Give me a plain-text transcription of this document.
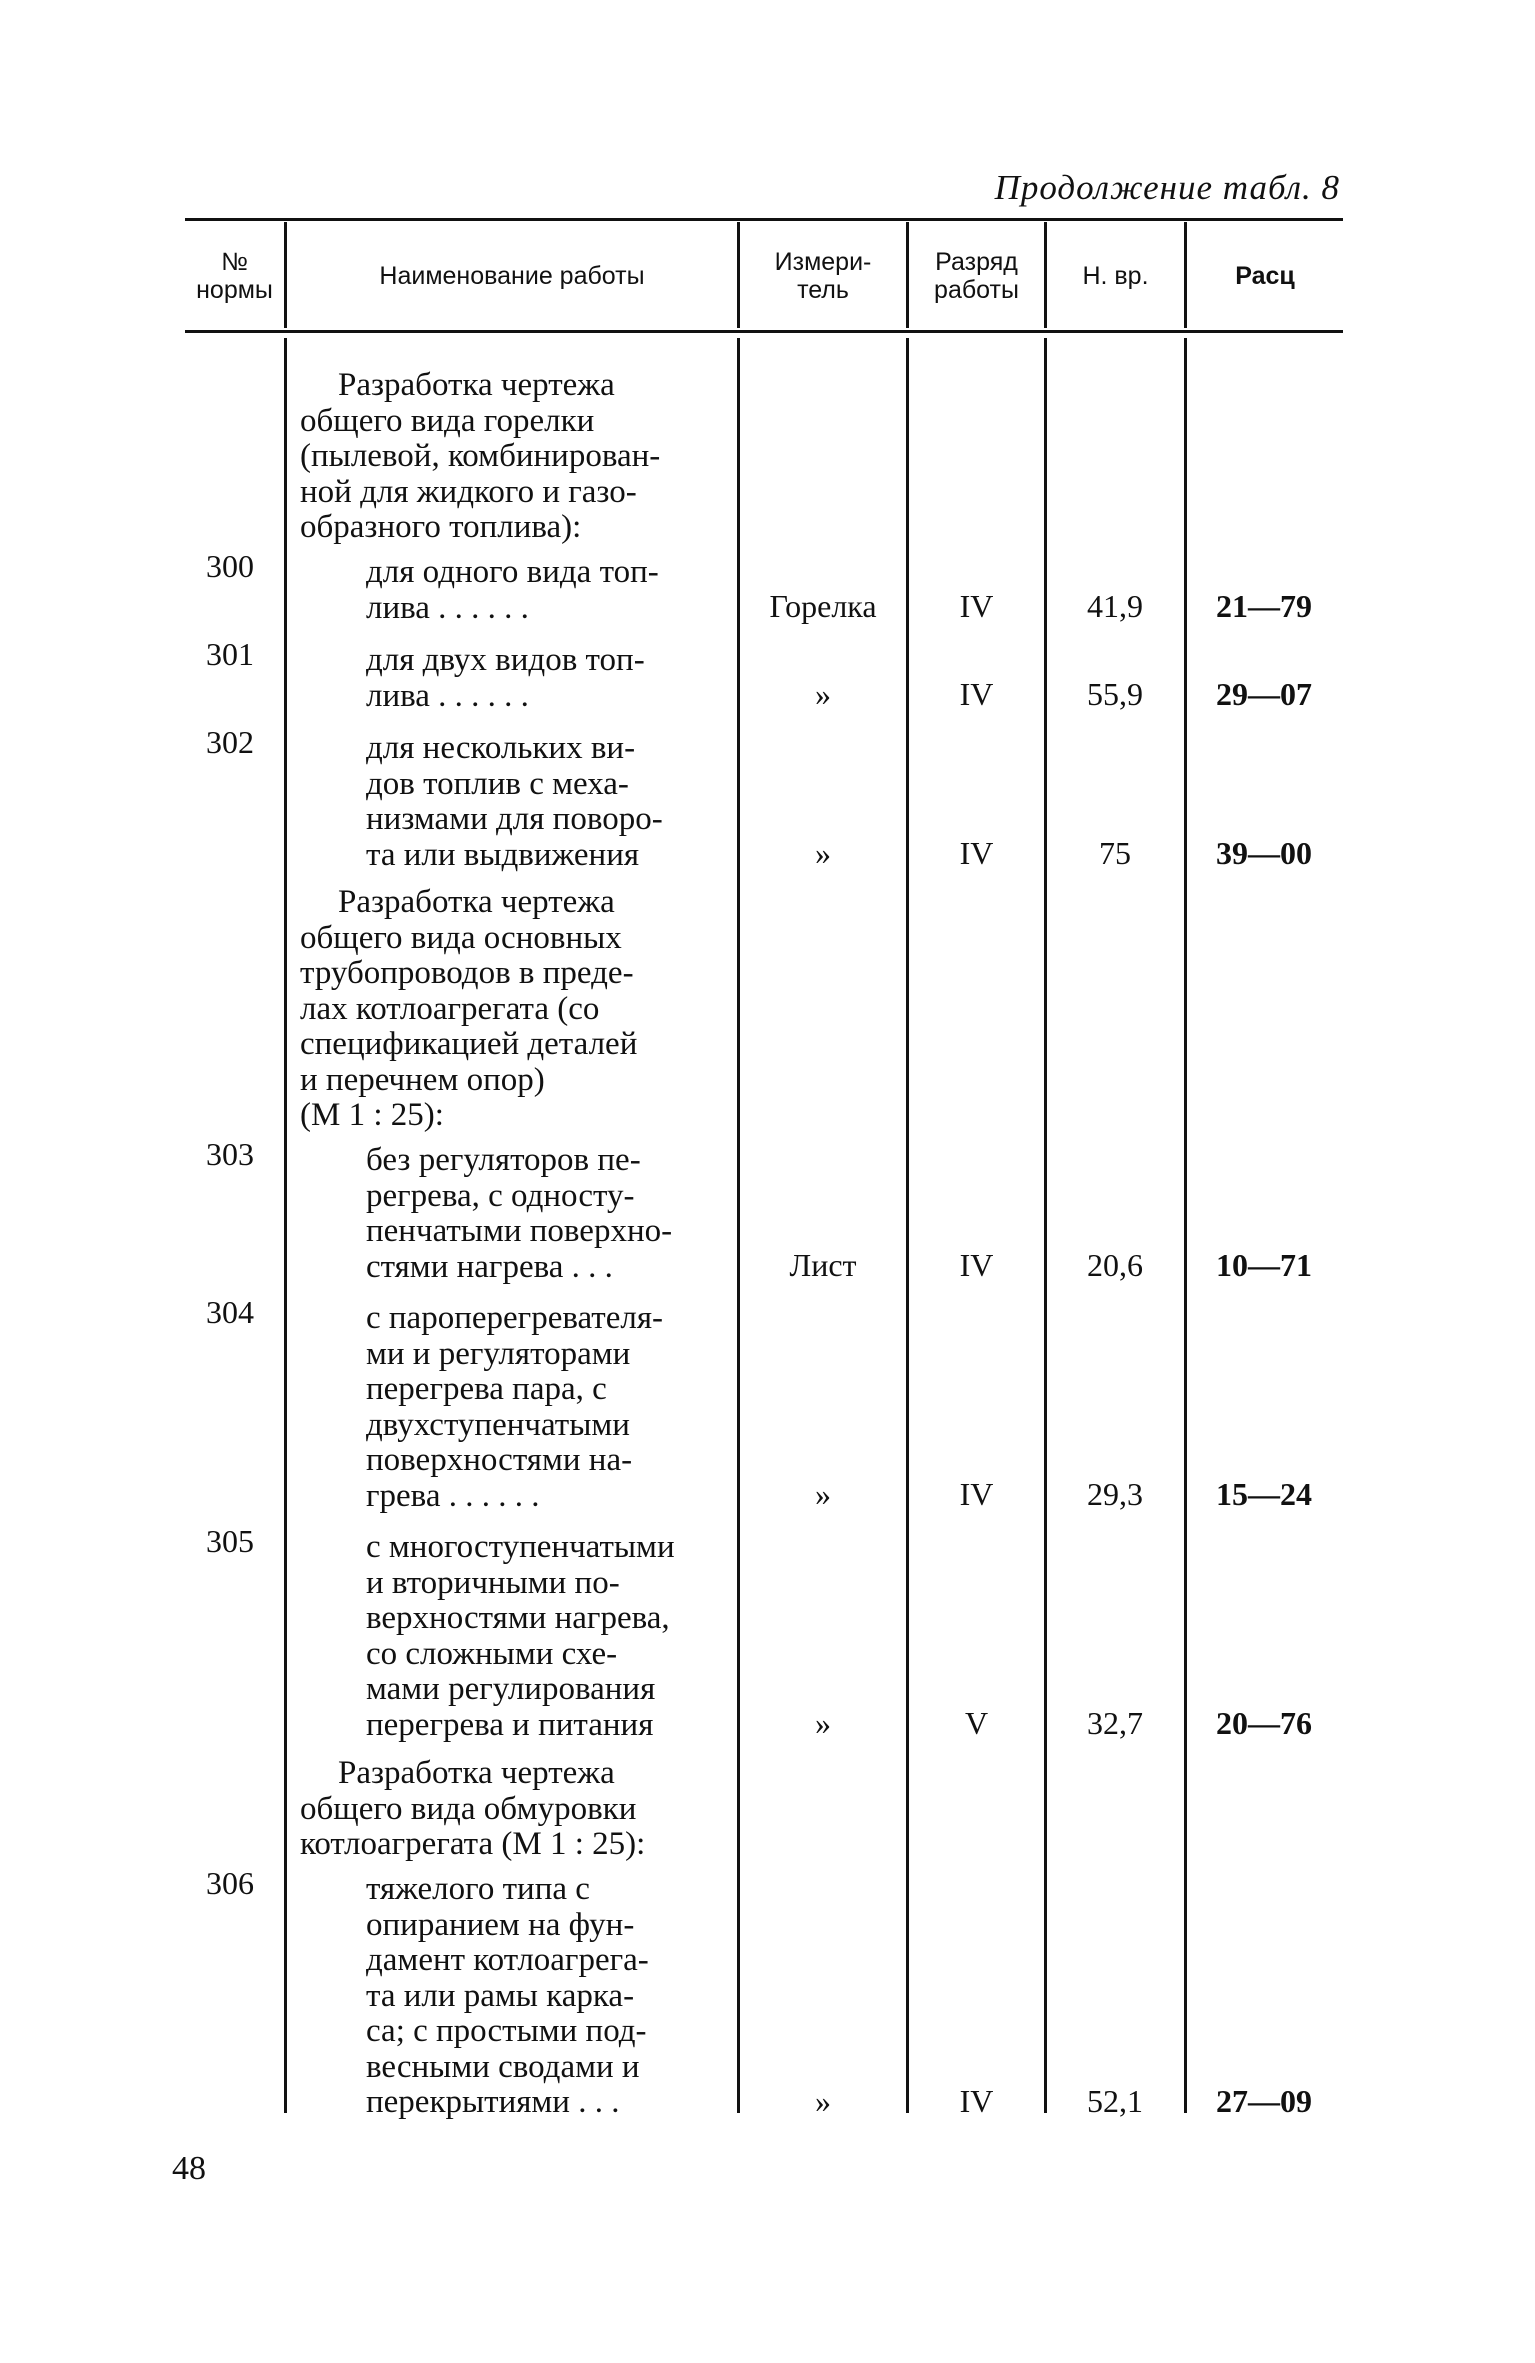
Продолжение табл. 8
№
нормы	Наименование работы	Измери-
тель
Разряд
работы	Н. вр.	Расц
Разработка чертежа
общего вида горелки
(пылевой, комбинирован-
ной для жидкого и газо-
образного топлива):
300	для одного вида топ-
лива . . . . . .	Горелка	IV	41,9	21—79
301	для двух видов топ-
лива . . . . . .	»	IV	55,9	29—07
302	для нескольких ви-
дов топлив с меха-
низмами для поворо-
та или выдвижения	»	IV	75	39—00
Разработка чертежа
общего вида основных
трубопроводов в преде-
лах котлоагрегата (со
спецификацией деталей
и перечнем опор)
(М 1 : 25):
303	без регуляторов пе-
регрева, с односту-
пенчатыми поверхно-
стями нагрева . . .	Лист	IV	20,6	10—71
304	с пароперегревателя-
ми и регуляторами
перегрева пара, с
двухступенчатыми
поверхностями на-
грева . . . . . .	»	IV	29,3	15—24
305	с многоступенчатыми
и вторичными по-
верхностями нагрева,
со сложными схе-
мами регулирования
перегрева и питания	»	V	32,7	20—76
Разработка чертежа
общего вида обмуровки
котлоагрегата (М 1 : 25):
306	тяжелого типа с
опиранием на фун-
дамент котлоагрега-
та или рамы карка-
са; с простыми под-
весными сводами и
перекрытиями . . .	»	IV	52,1	27—09
48
